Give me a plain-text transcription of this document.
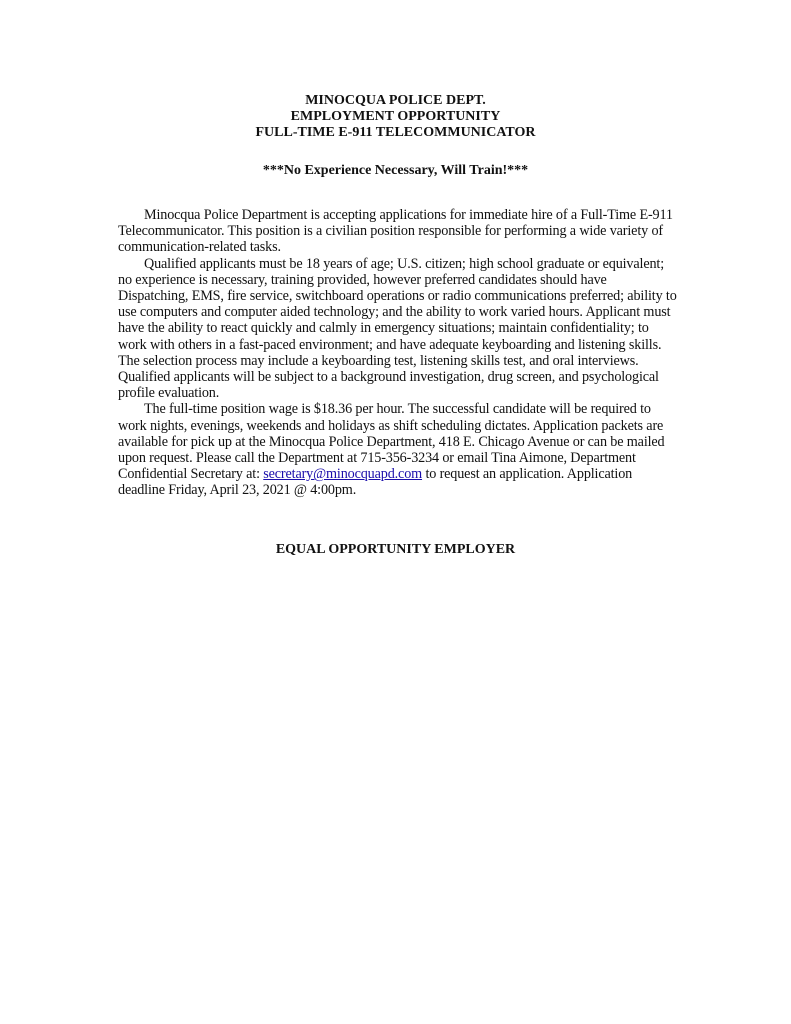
MINOCQUA POLICE DEPT.
EMPLOYMENT OPPORTUNITY
FULL-TIME E-911 TELECOMMUNICATOR
***No Experience Necessary, Will Train!***

Minocqua Police Department is accepting applications for immediate hire of a Full-Time E-911 Telecommunicator. This position is a civilian position responsible for performing a wide variety of communication-related tasks.

Qualified applicants must be 18 years of age; U.S. citizen; high school graduate or equivalent; no experience is necessary, training provided, however preferred candidates should have Dispatching, EMS, fire service, switchboard operations or radio communications preferred; ability to use computers and computer aided technology; and the ability to work varied hours. Applicant must have the ability to react quickly and calmly in emergency situations; maintain confidentiality; to work with others in a fast-paced environment; and have adequate keyboarding and listening skills. The selection process may include a keyboarding test, listening skills test, and oral interviews. Qualified applicants will be subject to a background investigation, drug screen, and psychological profile evaluation.

The full-time position wage is $18.36 per hour. The successful candidate will be required to work nights, evenings, weekends and holidays as shift scheduling dictates. Application packets are available for pick up at the Minocqua Police Department, 418 E. Chicago Avenue or can be mailed upon request. Please call the Department at 715-356-3234 or email Tina Aimone, Department Confidential Secretary at: secretary@minocquapd.com to request an application. Application deadline Friday, April 23, 2021 @ 4:00pm.

EQUAL OPPORTUNITY EMPLOYER
